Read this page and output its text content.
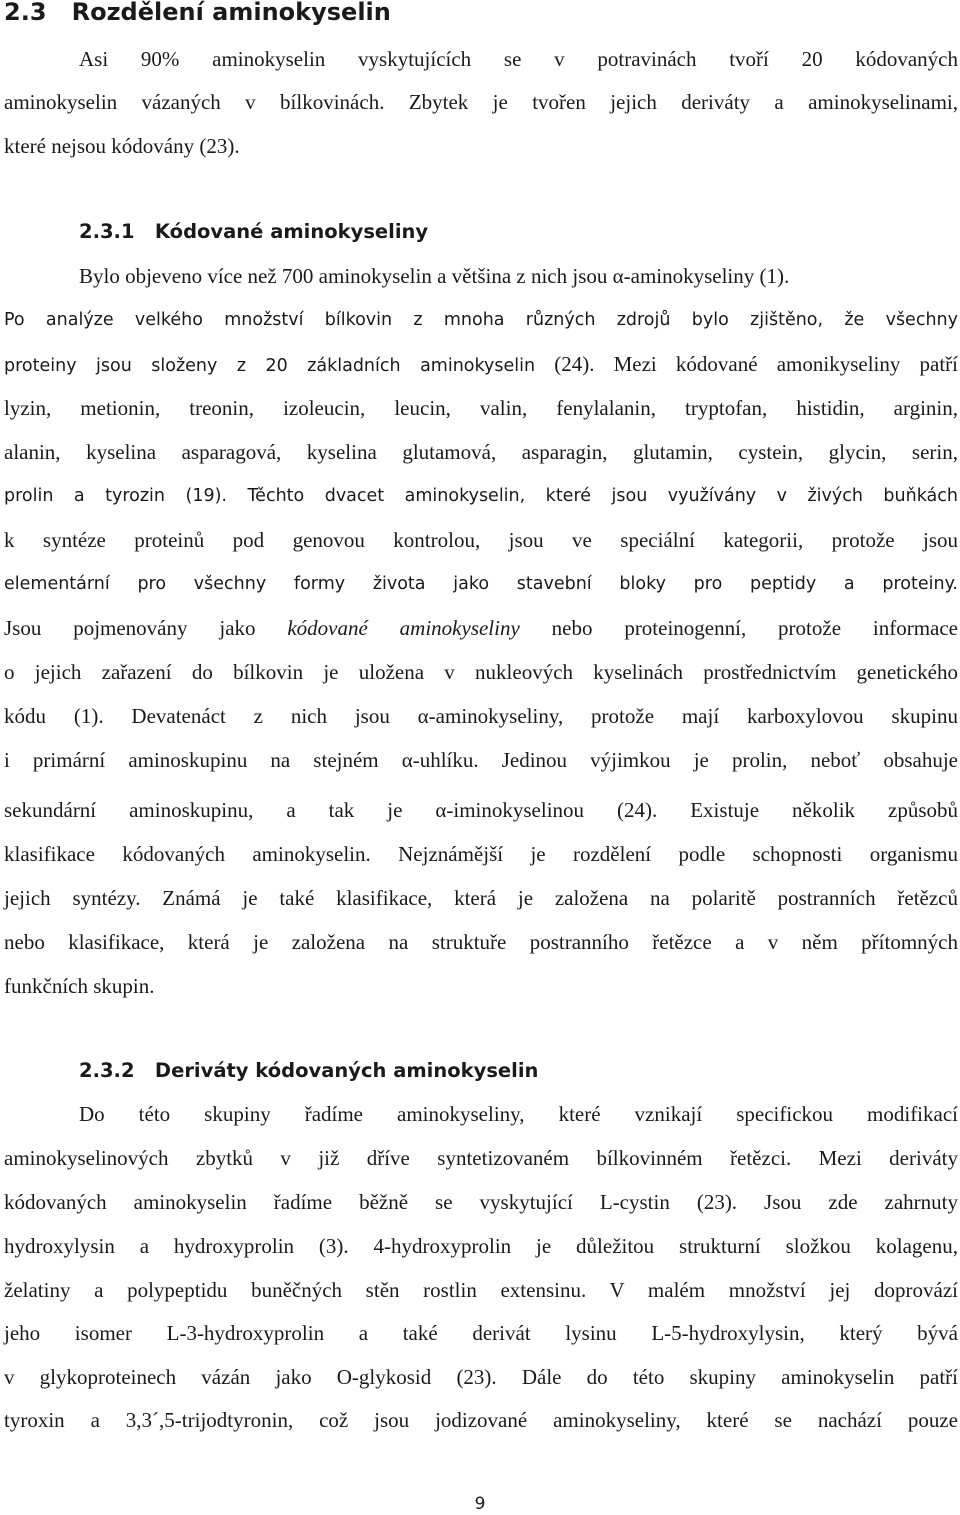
2.3 Rozdělení aminokyselin

Asi 90% aminokyselin vyskytujících se v potravinách tvoří 20 kódovaných

aminokyselin vázaných v bílkovinách. Zbytek je tvořen jejich deriváty a aminokyselinami,

které nejsou kódovány (23).

2.3.1 Kódované aminokyseliny

Bylo objeveno více než 700 aminokyselin a většina z nich jsou α-aminokyseliny (1).

Po analýze velkého množství bílkovin z mnoha různých zdrojů bylo zjištěno, že všechny

proteiny jsou složeny z 20 základních aminokyselin (24). Mezi kódované amonikyseliny patří

lyzin, metionin, treonin, izoleucin, leucin, valin, fenylalanin, tryptofan, histidin, arginin,

alanin, kyselina asparagová, kyselina glutamová, asparagin, glutamin, cystein, glycin, serin,

prolin a tyrozin (19). Těchto dvacet aminokyselin, které jsou využívány v živých buňkách

k syntéze proteinů pod genovou kontrolou, jsou ve speciální kategorii, protože jsou

elementární pro všechny formy života jako stavební bloky pro peptidy a proteiny.

Jsou pojmenovány jako kódované aminokyseliny nebo proteinogenní, protože informace

o jejich zařazení do bílkovin je uložena v nukleových kyselinách prostřednictvím genetického

kódu (1). Devatenáct z nich jsou α-aminokyseliny, protože mají karboxylovou skupinu

i primární aminoskupinu na stejném α-uhlíku. Jedinou výjimkou je prolin, neboť obsahuje

sekundární aminoskupinu, a tak je α-iminokyselinou (24). Existuje několik způsobů

klasifikace kódovaných aminokyselin. Nejznámější je rozdělení podle schopnosti organismu

jejich syntézy. Známá je také klasifikace, která je založena na polaritě postranních řetězců

nebo klasifikace, která je založena na struktuře postranního řetězce a v něm přítomných

funkčních skupin.

2.3.2 Deriváty kódovaných aminokyselin

Do této skupiny řadíme aminokyseliny, které vznikají specifickou modifikací

aminokyselinových zbytků v již dříve syntetizovaném bílkovinném řetězci. Mezi deriváty

kódovaných aminokyselin řadíme běžně se vyskytující L-cystin (23). Jsou zde zahrnuty

hydroxylysin a hydroxyprolin (3). 4-hydroxyprolin je důležitou strukturní složkou kolagenu,

želatiny a polypeptidu buněčných stěn rostlin extensinu. V malém množství jej doprovází

jeho isomer L-3-hydroxyprolin a také derivát lysinu L-5-hydroxylysin, který bývá

v glykoproteinech vázán jako O-glykosid (23). Dále do této skupiny aminokyselin patří

tyroxin a 3,3´,5-trijodtyronin, což jsou jodizované aminokyseliny, které se nachází pouze

9
